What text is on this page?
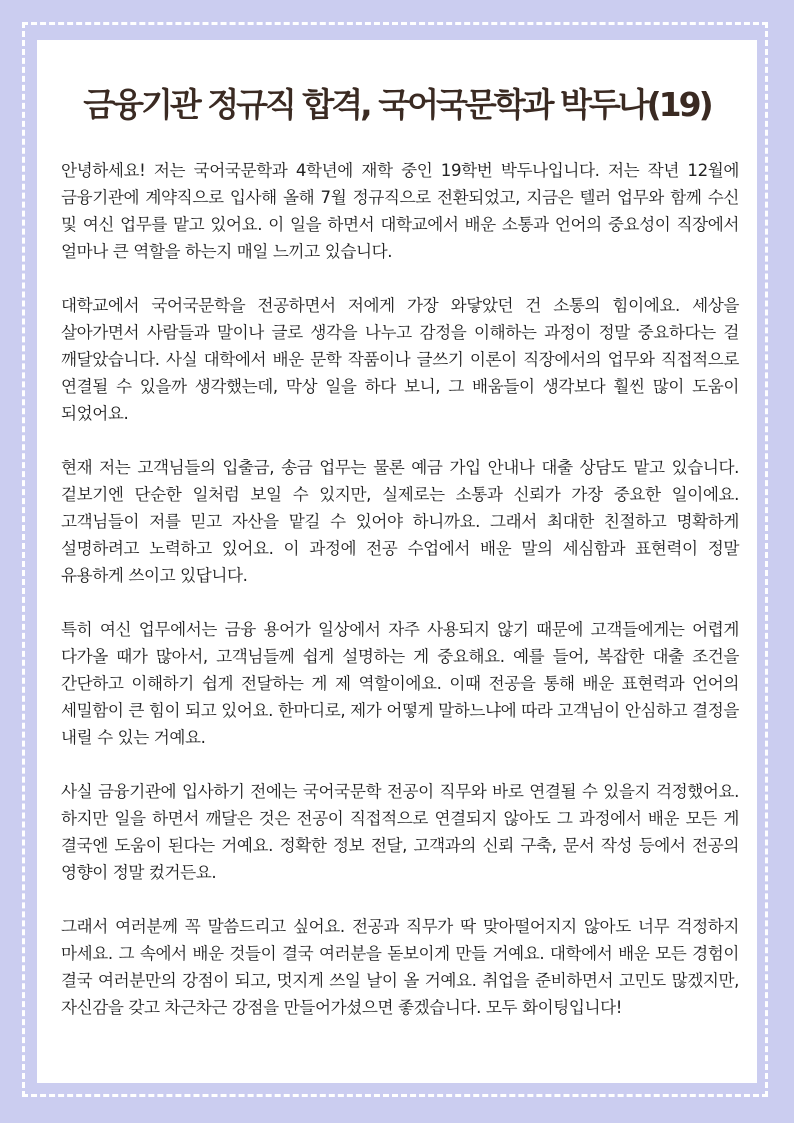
금융기관 정규직 합격, 국어국문학과 박두나(19)

안녕하세요! 저는 국어국문학과 4학년에 재학 중인 19학번 박두나입니다. 저는 작년 12월에 금융기관에 계약직으로 입사해 올해 7월 정규직으로 전환되었고, 지금은 텔러 업무와 함께 수신 및 여신 업무를 맡고 있어요. 이 일을 하면서 대학교에서 배운 소통과 언어의 중요성이 직장에서 얼마나 큰 역할을 하는지 매일 느끼고 있습니다.

대학교에서 국어국문학을 전공하면서 저에게 가장 와닿았던 건 소통의 힘이에요. 세상을 살아가면서 사람들과 말이나 글로 생각을 나누고 감정을 이해하는 과정이 정말 중요하다는 걸 깨달았습니다. 사실 대학에서 배운 문학 작품이나 글쓰기 이론이 직장에서의 업무와 직접적으로 연결될 수 있을까 생각했는데, 막상 일을 하다 보니, 그 배움들이 생각보다 훨씬 많이 도움이 되었어요.

현재 저는 고객님들의 입출금, 송금 업무는 물론 예금 가입 안내나 대출 상담도 맡고 있습니다. 겉보기엔 단순한 일처럼 보일 수 있지만, 실제로는 소통과 신뢰가 가장 중요한 일이에요. 고객님들이 저를 믿고 자산을 맡길 수 있어야 하니까요. 그래서 최대한 친절하고 명확하게 설명하려고 노력하고 있어요. 이 과정에 전공 수업에서 배운 말의 세심함과 표현력이 정말 유용하게 쓰이고 있답니다.

특히 여신 업무에서는 금융 용어가 일상에서 자주 사용되지 않기 때문에 고객들에게는 어렵게 다가올 때가 많아서, 고객님들께 쉽게 설명하는 게 중요해요. 예를 들어, 복잡한 대출 조건을 간단하고 이해하기 쉽게 전달하는 게 제 역할이에요. 이때 전공을 통해 배운 표현력과 언어의 세밀함이 큰 힘이 되고 있어요. 한마디로, 제가 어떻게 말하느냐에 따라 고객님이 안심하고 결정을 내릴 수 있는 거예요.

사실 금융기관에 입사하기 전에는 국어국문학 전공이 직무와 바로 연결될 수 있을지 걱정했어요. 하지만 일을 하면서 깨달은 것은 전공이 직접적으로 연결되지 않아도 그 과정에서 배운 모든 게 결국엔 도움이 된다는 거예요. 정확한 정보 전달, 고객과의 신뢰 구축, 문서 작성 등에서 전공의 영향이 정말 컸거든요.

그래서 여러분께 꼭 말씀드리고 싶어요. 전공과 직무가 딱 맞아떨어지지 않아도 너무 걱정하지 마세요. 그 속에서 배운 것들이 결국 여러분을 돋보이게 만들 거예요. 대학에서 배운 모든 경험이 결국 여러분만의 강점이 되고, 멋지게 쓰일 날이 올 거예요. 취업을 준비하면서 고민도 많겠지만, 자신감을 갖고 차근차근 강점을 만들어가셨으면 좋겠습니다. 모두 화이팅입니다!
